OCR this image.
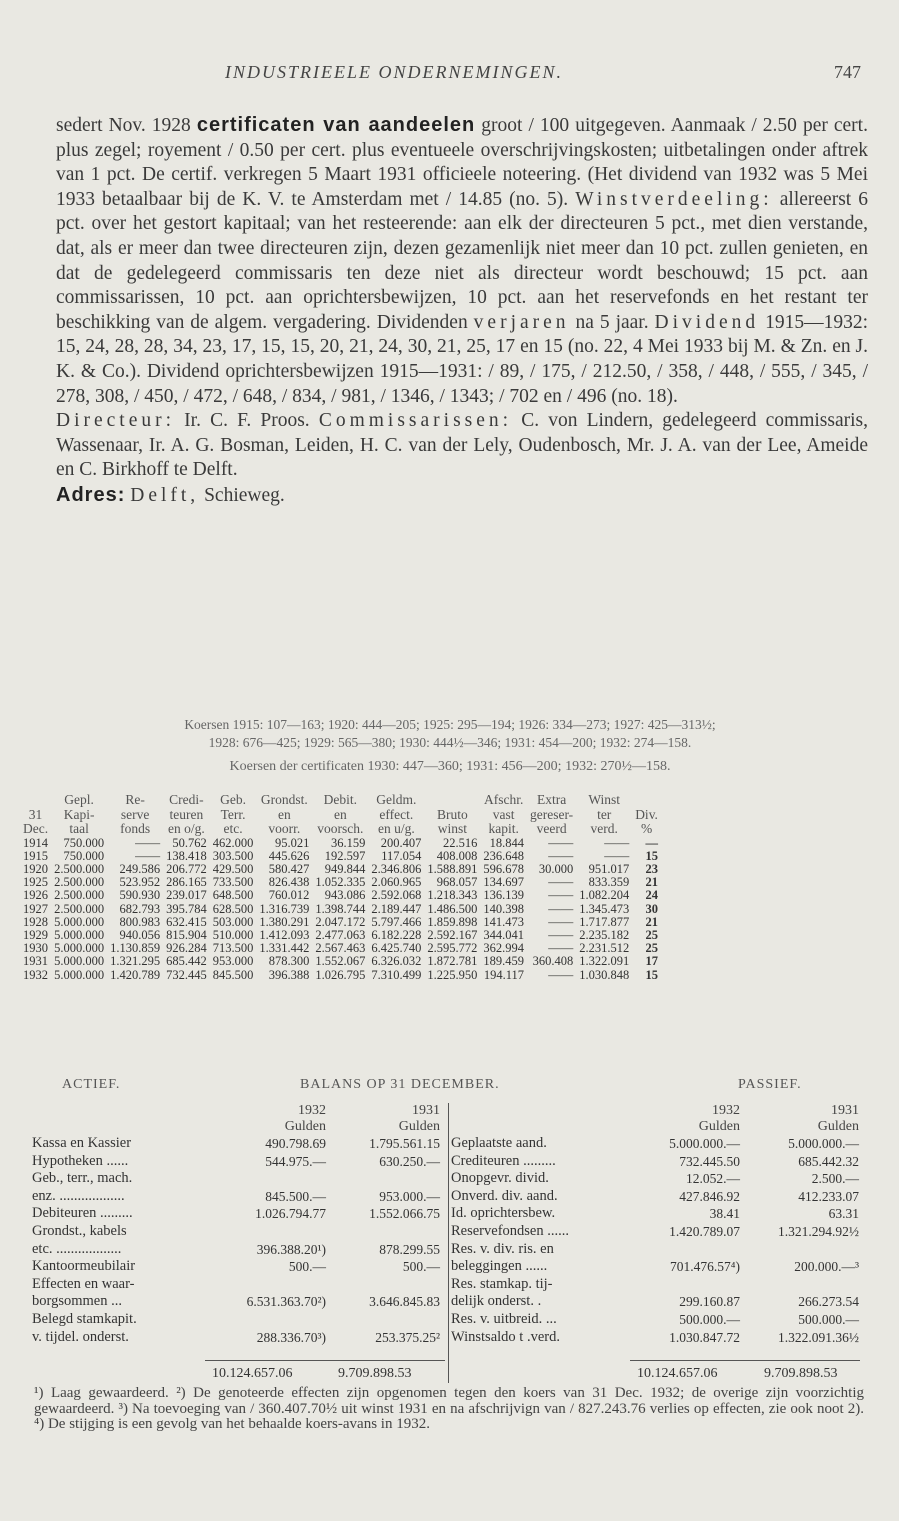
INDUSTRIEELE ONDERNEMINGEN.	747

sedert Nov. 1928 certificaten van aandeelen groot / 100 uitgegeven. Aanmaak / 2.50 per cert. plus zegel; royement / 0.50 per cert. plus eventueele overschrijvingskosten; uitbetalingen onder aftrek van 1 pct. De certif. verkregen 5 Maart 1931 officieele noteering. (Het dividend van 1932 was 5 Mei 1933 betaalbaar bij de K. V. te Amsterdam met / 14.85 (no. 5). Winstverdeeling: allereerst 6 pct. over het gestort kapitaal; van het resteerende: aan elk der directeuren 5 pct., met dien verstande, dat, als er meer dan twee directeuren zijn, dezen gezamenlijk niet meer dan 10 pct. zullen genieten, en dat de gedelegeerd commissaris ten deze niet als directeur wordt beschouwd; 15 pct. aan commissarissen, 10 pct. aan oprichtersbewijzen, 10 pct. aan het reservefonds en het restant ter beschikking van de algem. vergadering. Dividenden verjaren na 5 jaar. Dividend 1915—1932: 15, 24, 28, 28, 34, 23, 17, 15, 15, 20, 21, 24, 30, 21, 25, 17 en 15 (no. 22, 4 Mei 1933 bij M. & Zn. en J. K. & Co.). Dividend oprichtersbewijzen 1915—1931: / 89, / 175, / 212.50, / 358, / 448, / 555, / 345, / 278, 308, / 450, / 472, / 648, / 834, / 981, / 1346, / 1343; / 702 en / 496 (no. 18).

Directeur: Ir. C. F. Proos. Commissarissen: C. von Lindern, gedelegeerd commissaris, Wassenaar, Ir. A. G. Bosman, Leiden, H. C. van der Lely, Oudenbosch, Mr. J. A. van der Lee, Ameide en C. Birkhoff te Delft.

Adres: Delft, Schieweg.

Koersen 1915: 107—163; 1920: 444—205; 1925: 295—194; 1926: 334—273; 1927: 425—313½;
1928: 676—425; 1929: 565—380; 1930: 444½—346; 1931: 454—200; 1932: 274—158.
Koersen der certificaten 1930: 447—360; 1931: 456—200; 1932: 270½—158.
	Gepl.	Re-	Credi-	Geb.	Grondst.	Debit.	Geldm.		Afschr.	Extra	Winst	
31	Kapi-	serve	teuren	Terr.	en	en	effect.	Bruto	vast	gereser-	ter	Div.
Dec.	taal	fonds	en o/g.	etc.	voorr.	voorsch.	en u/g.	winst	kapit.	veerd	verd.	%
1914	750.000	——	50.762	462.000	95.021	36.159	200.407	22.516	18.844	——	——	—
1915	750.000	——	138.418	303.500	445.626	192.597	117.054	408.008	236.648	——	——	15
1920	2.500.000	249.586	206.772	429.500	580.427	949.844	2.346.806	1.588.891	596.678	30.000	951.017	23
1925	2.500.000	523.952	286.165	733.500	826.438	1.052.335	2.060.965	968.057	134.697	——	833.359	21
1926	2.500.000	590.930	239.017	648.500	760.012	943.086	2.592.068	1.218.343	136.139	——	1.082.204	24
1927	2.500.000	682.793	395.784	628.500	1.316.739	1.398.744	2.189.447	1.486.500	140.398	——	1.345.473	30
1928	5.000.000	800.983	632.415	503.000	1.380.291	2.047.172	5.797.466	1.859.898	141.473	——	1.717.877	21
1929	5.000.000	940.056	815.904	510.000	1.412.093	2.477.063	6.182.228	2.592.167	344.041	——	2.235.182	25
1930	5.000.000	1.130.859	926.284	713.500	1.331.442	2.567.463	6.425.740	2.595.772	362.994	——	2.231.512	25
1931	5.000.000	1.321.295	685.442	953.000	878.300	1.552.067	6.326.032	1.872.781	189.459	360.408	1.322.091	17
1932	5.000.000	1.420.789	732.445	845.500	396.388	1.026.795	7.310.499	1.225.950	194.117	——	1.030.848	15
ACTIEF.	BALANS OP 31 DECEMBER.	PASSIEF.
	1932	1931
	Gulden	Gulden
Kassa en Kassier	490.798.69	1.795.561.15
Hypotheken ......	544.975.—	630.250.—
Geb., terr., mach.		
enz. ..................	845.500.—	953.000.—
Debiteuren .........	1.026.794.77	1.552.066.75
Grondst., kabels		
etc. ..................	396.388.20¹)	878.299.55
Kantoormeubilair	500.—	500.—
Effecten en waar-		
borgsommen ...	6.531.363.70²)	3.646.845.83
Belegd stamkapit.		
v. tijdel. onderst.	288.336.70³)	253.375.25²
	1932	1931
	Gulden	Gulden
Geplaatste aand.	5.000.000.—	5.000.000.—
Crediteuren .........	732.445.50	685.442.32
Onopgevr. divid.	12.052.—	2.500.—
Onverd. div. aand.	427.846.92	412.233.07
Id. oprichtersbew.	38.41	63.31
Reservefondsen ......	1.420.789.07	1.321.294.92½
Res. v. div. ris. en		
beleggingen ......	701.476.57⁴)	200.000.—³
Res. stamkap. tij-		
delijk onderst. .	299.160.87	266.273.54
Res. v. uitbreid. ...	500.000.—	500.000.—
Winstsaldo t .verd.	1.030.847.72	1.322.091.36½
10.124.657.06	9.709.898.53	10.124.657.06	9.709.898.53
¹) Laag gewaardeerd. ²) De genoteerde effecten zijn opgenomen tegen den koers van 31 Dec. 1932; de overige zijn voorzichtig gewaardeerd. ³) Na toevoeging van / 360.407.70½ uit winst 1931 en na afschrijvign van / 827.243.76 verlies op effecten, zie ook noot 2). ⁴) De stijging is een gevolg van het behaalde koers-avans in 1932.
